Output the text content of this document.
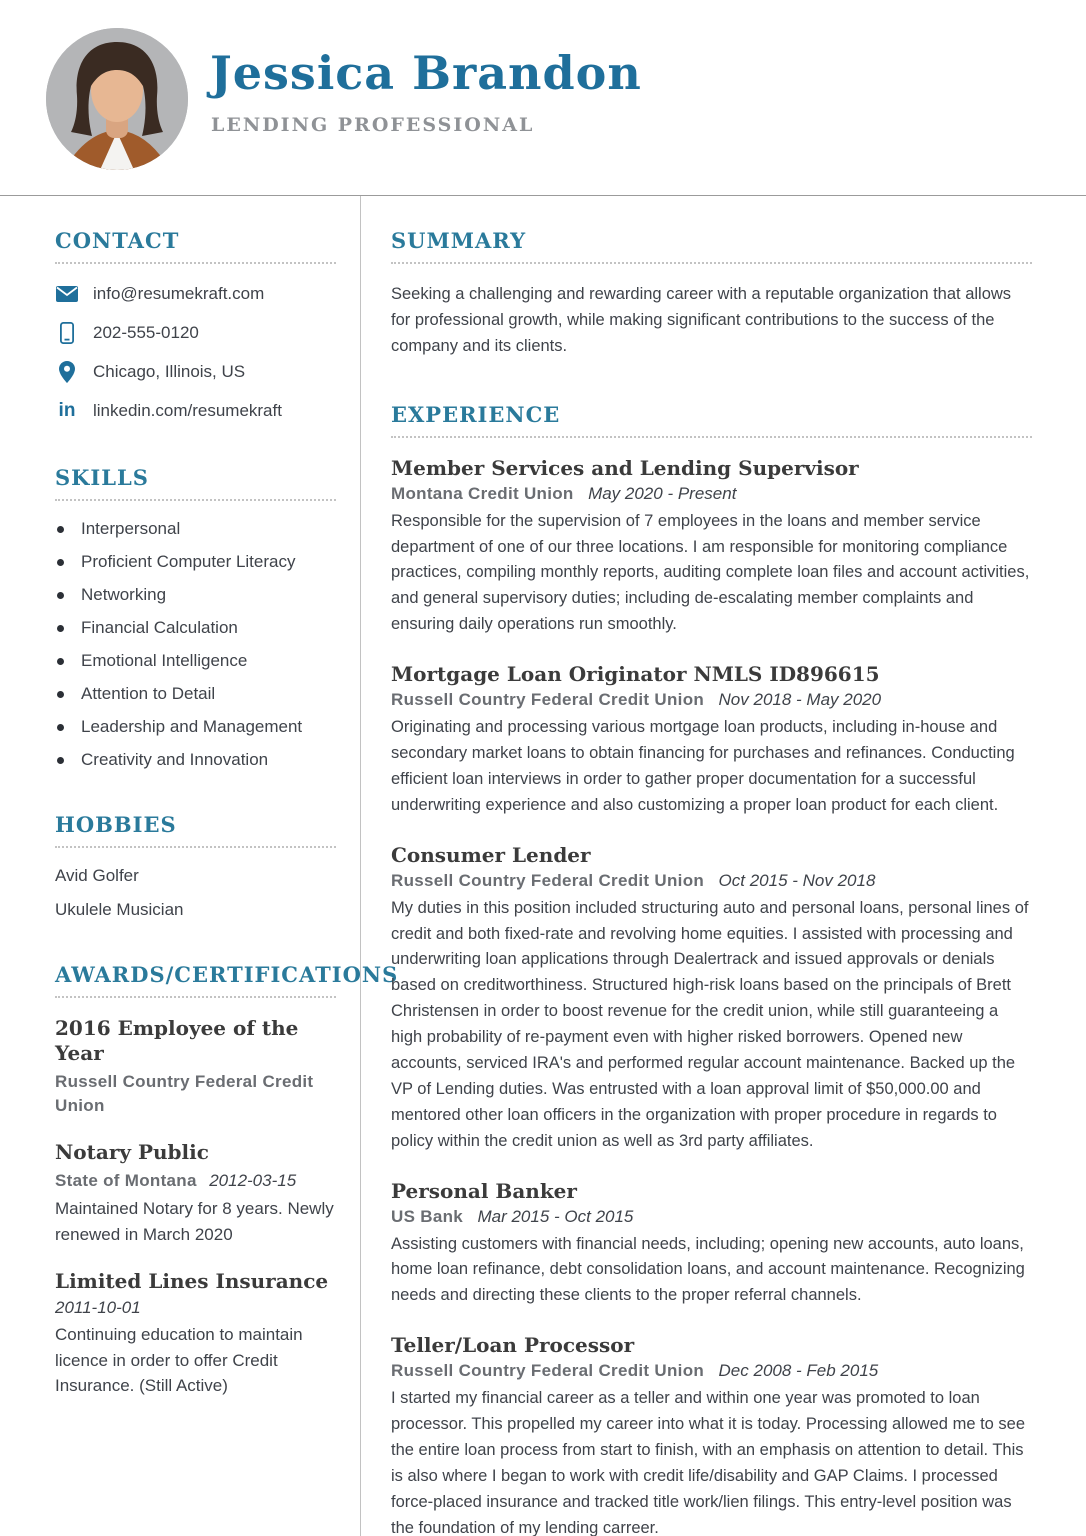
Jessica Brandon
LENDING PROFESSIONAL
CONTACT
info@resumekraft.com
202-555-0120
Chicago, Illinois, US
in linkedin.com/resumekraft
SKILLS
Interpersonal
Proficient Computer Literacy
Networking
Financial Calculation
Emotional Intelligence
Attention to Detail
Leadership and Management
Creativity and Innovation
HOBBIES
Avid Golfer
Ukulele Musician
AWARDS/CERTIFICATIONS
2016 Employee of the Year
Russell Country Federal Credit Union
Notary Public
State of Montana 2012-03-15
Maintained Notary for 8 years. Newly renewed in March 2020
Limited Lines Insurance
2011-10-01
Continuing education to maintain licence in order to offer Credit Insurance. (Still Active)
SUMMARY

Seeking a challenging and rewarding career with a reputable organization that allows for professional growth, while making significant contributions to the success of the company and its clients.

EXPERIENCE
Member Services and Lending Supervisor
Montana Credit Union May 2020 - Present

Responsible for the supervision of 7 employees in the loans and member service department of one of our three locations. I am responsible for monitoring compliance practices, compiling monthly reports, auditing complete loan files and account activities, and general supervisory duties; including de-escalating member complaints and ensuring daily operations run smoothly.

Mortgage Loan Originator NMLS ID896615
Russell Country Federal Credit Union Nov 2018 - May 2020

Originating and processing various mortgage loan products, including in-house and secondary market loans to obtain financing for purchases and refinances. Conducting efficient loan interviews in order to gather proper documentation for a successful underwriting experience and also customizing a proper loan product for each client.

Consumer Lender
Russell Country Federal Credit Union Oct 2015 - Nov 2018

My duties in this position included structuring auto and personal loans, personal lines of credit and both fixed-rate and revolving home equities. I assisted with processing and underwriting loan applications through Dealertrack and issued approvals or denials based on creditworthiness. Structured high-risk loans based on the principals of Brett Christensen in order to boost revenue for the credit union, while still guaranteeing a high probability of re-payment even with higher risked borrowers. Opened new accounts, serviced IRA's and performed regular account maintenance. Backed up the VP of Lending duties. Was entrusted with a loan approval limit of $50,000.00 and mentored other loan officers in the organization with proper procedure in regards to policy within the credit union as well as 3rd party affiliates.

Personal Banker
US Bank Mar 2015 - Oct 2015

Assisting customers with financial needs, including; opening new accounts, auto loans, home loan refinance, debt consolidation loans, and account maintenance. Recognizing needs and directing these clients to the proper referral channels.

Teller/Loan Processor
Russell Country Federal Credit Union Dec 2008 - Feb 2015

I started my financial career as a teller and within one year was promoted to loan processor. This propelled my career into what it is today. Processing allowed me to see the entire loan process from start to finish, with an emphasis on attention to detail. This is also where I began to work with credit life/disability and GAP Claims. I processed force-placed insurance and tracked title work/lien filings. This entry-level position was the foundation of my lending carreer.
